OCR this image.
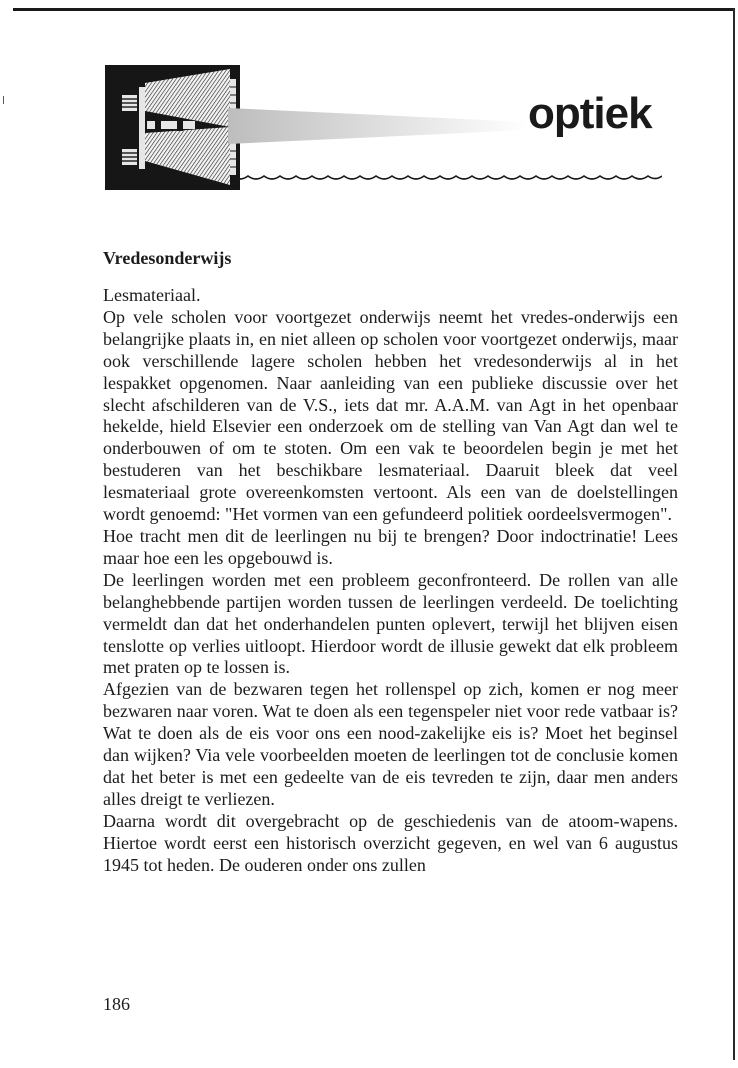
optiek
Vredesonderwijs

Lesmateriaal.

Op vele scholen voor voortgezet onderwijs neemt het vredes-onderwijs een belangrijke plaats in, en niet alleen op scholen voor voortgezet onderwijs, maar ook verschillende lagere scholen hebben het vredesonderwijs al in het lespakket opgenomen. Naar aanleiding van een publieke discussie over het slecht afschilderen van de V.S., iets dat mr. A.A.M. van Agt in het openbaar hekelde, hield Elsevier een onderzoek om de stelling van Van Agt dan wel te onderbouwen of om te stoten. Om een vak te beoordelen begin je met het bestuderen van het beschikbare lesmateriaal. Daaruit bleek dat veel lesmateriaal grote overeenkomsten vertoont. Als een van de doelstellingen wordt genoemd: "Het vormen van een gefundeerd politiek oordeelsvermogen".

Hoe tracht men dit de leerlingen nu bij te brengen? Door indoctrinatie! Lees maar hoe een les opgebouwd is.

De leerlingen worden met een probleem geconfronteerd. De rollen van alle belanghebbende partijen worden tussen de leerlingen verdeeld. De toelichting vermeldt dan dat het onderhandelen punten oplevert, terwijl het blijven eisen tenslotte op verlies uitloopt. Hierdoor wordt de illusie gewekt dat elk probleem met praten op te lossen is.

Afgezien van de bezwaren tegen het rollenspel op zich, komen er nog meer bezwaren naar voren. Wat te doen als een tegenspeler niet voor rede vatbaar is? Wat te doen als de eis voor ons een nood-zakelijke eis is? Moet het beginsel dan wijken? Via vele voorbeelden moeten de leerlingen tot de conclusie komen dat het beter is met een gedeelte van de eis tevreden te zijn, daar men anders alles dreigt te verliezen.

Daarna wordt dit overgebracht op de geschiedenis van de atoom-wapens. Hiertoe wordt eerst een historisch overzicht gegeven, en wel van 6 augustus 1945 tot heden. De ouderen onder ons zullen

186
